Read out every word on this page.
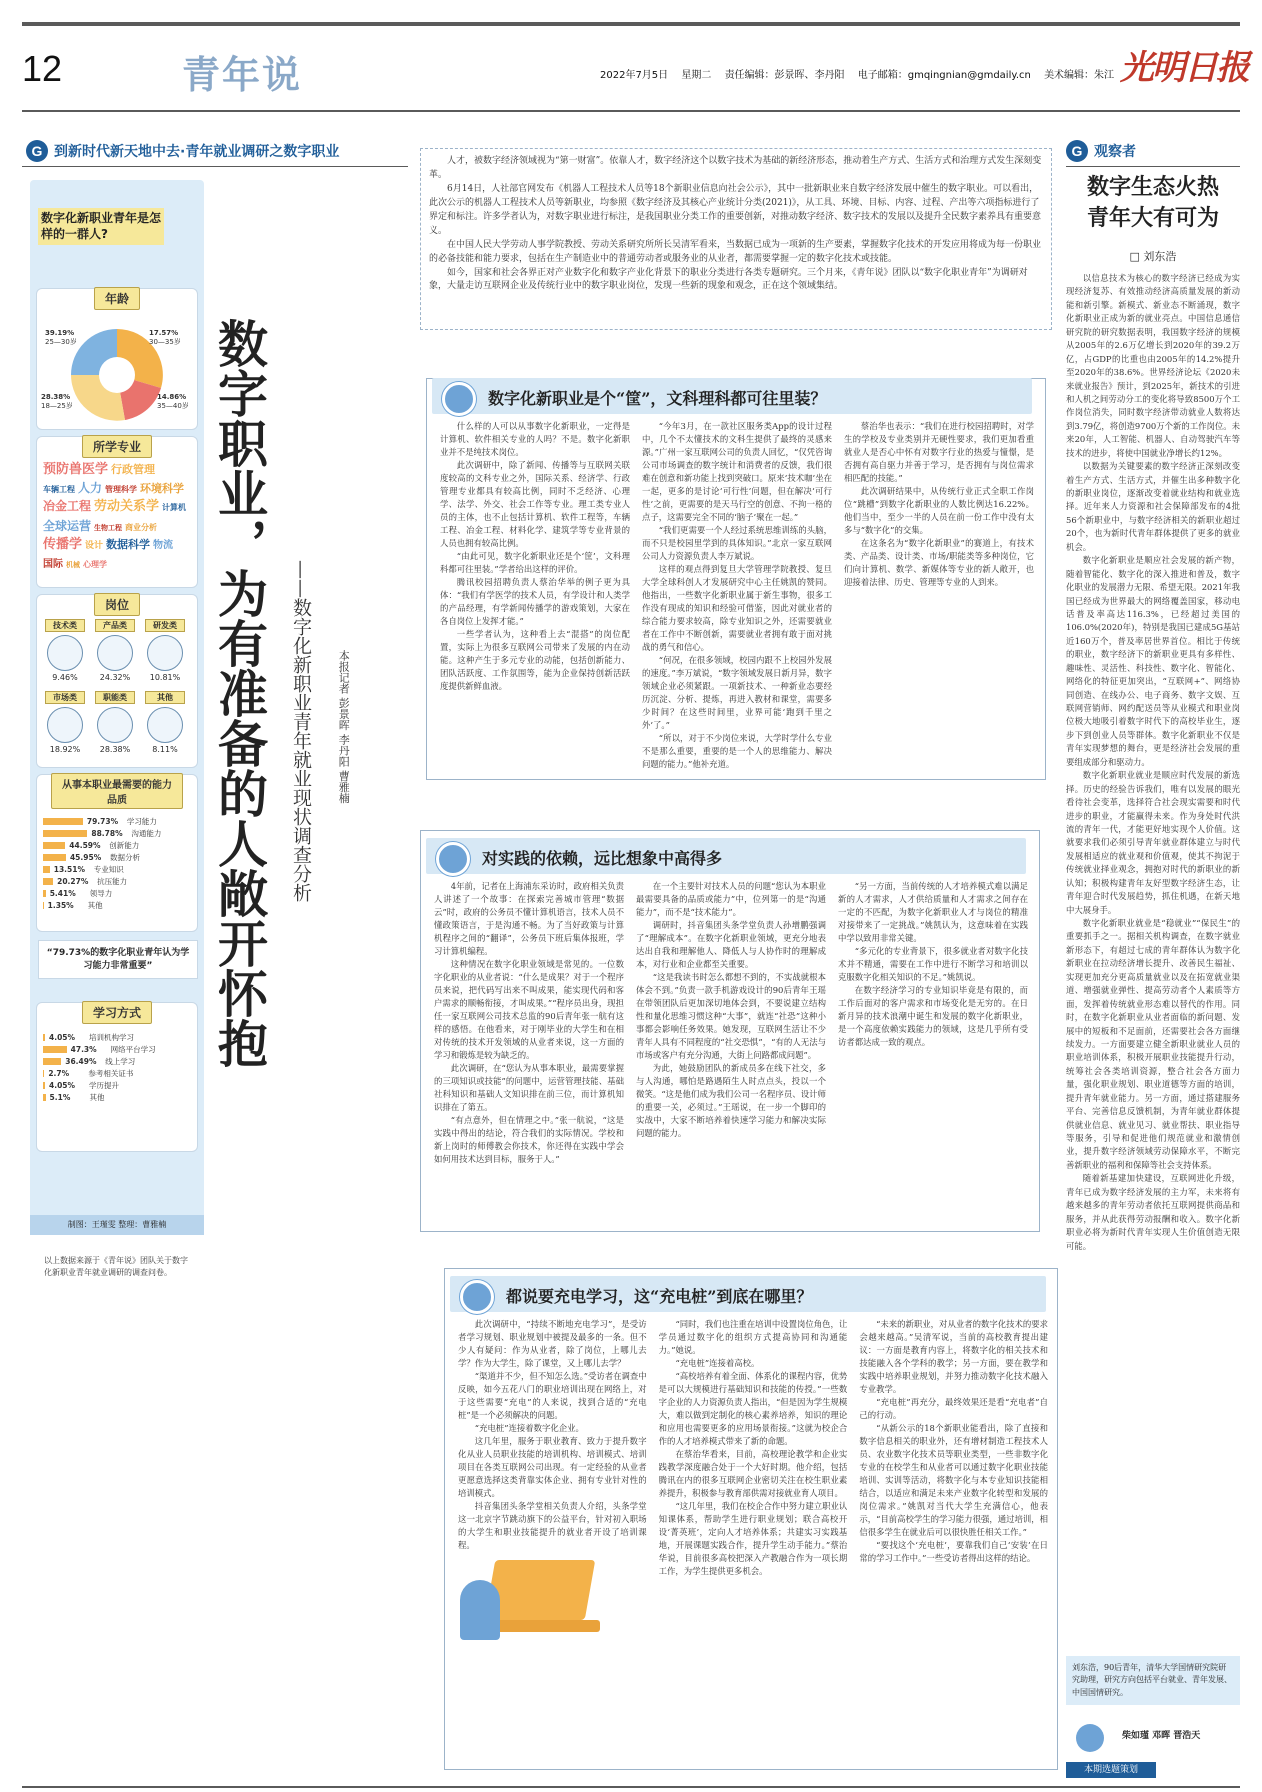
12	青年说	2022年7月5日 星期二 责任编辑：彭景晖、李丹阳 电子邮箱：gmqingnian@gmdaily.cn 美术编辑：朱江 光明日报
G 到新时代新天地中去·青年就业调研之数字职业
数字化新职业青年是怎样的一群人?
年龄
39.19%
25—30岁
17.57%
30—35岁
28.38%
18—25岁
14.86%
35—40岁
所学专业
预防兽医学 行政管理车辆工程 人力 管理科学 环境科学冶金工程 劳动关系学 计算机全球运营 生物工程 商业分析传播学 设计 数据科学 物流国际 机械 心理学
岗位
技术类
9.46%
产品类
24.32%
研发类
10.81%
市场类
18.92%
职能类
28.38%
其他
8.11%
从事本职业最需要的能力品质
79.73%	学习能力
88.78%	沟通能力
44.59%	创新能力
45.95%	数据分析
13.51%	专业知识
20.27%	抗压能力
5.41%	领导力
1.35%	其他
“79.73%的数字化职业青年认为学习能力非常重要”
学习方式
4.05%	培训机构学习
47.3%	网络平台学习
36.49%	线上学习
2.7%	参考相关证书
4.05%	学历提升
5.1%	其他
制图：王瑾雯 整理：曹雅楠
以上数据来源于《青年说》团队关于数字化新职业青年就业调研的调查问卷。
数字职业，为有准备的人敞开怀抱 ——数字化新职业青年就业现状调查分析 本报记者 彭景晖 李丹阳 曹雅楠

人才，被数字经济领域视为“第一财富”。依靠人才，数字经济这个以数字技术为基础的新经济形态，推动着生产方式、生活方式和治理方式发生深刻变革。

6月14日，人社部官网发布《机器人工程技术人员等18个新职业信息向社会公示》，其中一批新职业来自数字经济发展中催生的数字职业。可以看出，此次公示的机器人工程技术人员等新职业，均参照《数字经济及其核心产业统计分类(2021)》，从工具、环境、目标、内容、过程、产出等六项指标进行了界定和标注。许多学者认为，对数字职业进行标注，是我国职业分类工作的重要创新，对推动数字经济、数字技术的发展以及提升全民数字素养具有重要意义。

在中国人民大学劳动人事学院教授、劳动关系研究所所长吴清军看来，当数据已成为一项新的生产要素，掌握数字化技术的开发应用将成为每一份职业的必备技能和能力要求，包括在生产制造业中的普通劳动者或服务业的从业者，都需要掌握一定的数字化技术或技能。

如今，国家和社会各界正对产业数字化和数字产业化背景下的职业分类进行各类专题研究。三个月来，《青年说》团队以“数字化职业青年”为调研对象，大量走访互联网企业及传统行业中的数字职业岗位，发现一些新的现象和观念，正在这个领域集结。

数字化新职业是个“筐”，文科理科都可往里装？

什么样的人可以从事数字化新职业，一定得是计算机、软件相关专业的人吗？不是。数字化新职业并不是纯技术岗位。

此次调研中，除了新闻、传播等与互联网关联度较高的文科专业之外，国际关系、经济学、行政管理专业都具有较高比例，同时不乏经济、心理学、法学、外交、社会工作等专业。理工类专业人员的主体，也不止包括计算机、软件工程等，车辆工程、冶金工程、材料化学、建筑学等专业背景的人员也拥有较高比例。

“由此可见，数字化新职业还是个‘筐’，文科理科都可往里装。”学者给出这样的评价。

腾讯校园招聘负责人蔡治华举的例子更为具体：“我们有学医学的技术人员，有学设计和人类学的产品经理，有学新闻传播学的游戏策划，大家在各自岗位上发挥才能。”

一些学者认为，这种看上去“混搭”的岗位配置，实际上为很多互联网公司带来了发展的内在动能。这种产生于多元专业的动能，包括创新能力、团队活跃度、工作氛围等，能为企业保持创新活跃度提供新鲜血液。

“今年3月，在一款社区服务类App的设计过程中，几个不太懂技术的文科生提供了最终的灵感来源。”广州一家互联网公司的负责人回忆，“仅凭咨询公司市场调查的数字统计和消费者的反馈，我们很难在创意和新功能上找到突破口。原来‘技术咖’坐在一起，更多的是讨论‘可行性’问题，但在解决‘可行性’之前，更需要的是天马行空的创意、不拘一格的点子，这需要完全不同的‘脑子’聚在一起。”

“我们更需要一个人经过系统思维训练的头脑，而不只是校园里学到的具体知识。”北京一家互联网公司人力资源负责人李万斌说。

这样的观点得到复旦大学管理学院教授、复旦大学全球科创人才发展研究中心主任姚凯的赞同。他指出，一些数字化新职业属于新生事物，很多工作没有现成的知识和经验可借鉴，因此对就业者的综合能力要求较高，除专业知识之外，还需要就业者在工作中不断创新，需要就业者拥有敢于面对挑战的勇气和信心。

“何况，在很多领域，校园内跟不上校园外发展的速度。”李万斌说，“数字领域发展日新月异，数字领域企业必须紧跟。一项新技术、一种新业态要经历沉淀、分析、提炼，再进入教材和课堂，需要多少时间？在这些时间里，业界可能‘跑到千里之外’了。”

“所以，对于不少岗位来说，大学时学什么专业不是那么重要，重要的是一个人的思维能力、解决问题的能力。”他补充道。

蔡治华也表示：“我们在进行校园招聘时，对学生的学校及专业类别并无硬性要求，我们更加看重就业人是否心中怀有对数字行业的热爱与憧憬，是否拥有高自驱力并善于学习，是否拥有与岗位需求相匹配的技能。”

此次调研结果中，从传统行业正式全职工作岗位“跳槽”到数字化新职业的人数比例达16.22%。他们当中，至少一半的人员在前一份工作中没有太多与“数字化”的交集。

在这条名为“数字化新职业”的赛道上，有技术类、产品类、设计类、市场/职能类等多种岗位，它们向计算机、数学、新媒体等专业的新人敞开，也迎接着法律、历史、管理等专业的人到来。

对实践的依赖，远比想象中高得多

4年前，记者在上海浦东采访时，政府相关负责人讲述了一个故事：在探索完善城市管理“数据云”时，政府的公务员不懂计算机语言，技术人员不懂政策语言，于是沟通不畅。为了当好政策与计算机程序之间的“翻译”，公务员下班后集体报班，学习计算机编程。

这种情况在数字化职业领域是常见的。一位数字化职业的从业者说：“什么是成果？对于一个程序员来说，把代码写出来不叫成果，能实现代码和客户需求的顺畅衔接，才叫成果。”“程序员出身，现担任一家互联网公司技术总监的90后青年张一航有这样的感悟。在他看来，对于刚毕业的大学生和在相对传统的技术开发领域的从业者来说，这一方面的学习和锻炼是较为缺乏的。

此次调研，在“您认为从事本职业，最需要掌握的三项知识或技能”的问题中，运营管理技能、基础社科知识和基础人文知识排在前三位，而计算机知识排在了第五。

“有点意外，但在情理之中。”张一航说，“这是实践中得出的结论，符合我们的实际情况。学校和新上岗时的师傅教会你技术，你还得在实践中学会如何用技术达到目标，服务于人。”

在一个主要针对技术人员的问题“您认为本职业最需要具备的品质或能力”中，位列第一的是“沟通能力”，而不是“技术能力”。

调研时，抖音集团头条学堂负责人孙增鹏强调了“理解成本”。在数字化新职业领域，更充分地表达出自我和理解他人、降低人与人协作时的理解成本，对行业和企业都至关重要。

“这是我读书时怎么都想不到的，不实战就根本体会不到。”负责一款手机游戏设计的90后青年王瑶在带领团队后更加深切地体会到，不要说建立结构性和量化思维习惯这种“大事”，就连“社恐”这种小事都会影响任务效果。她发现，互联网生活让不少青年人具有不同程度的“社交恐惧”，“有的人无法与市场或客户有充分沟通，大街上问路都成问题”。

为此，她鼓励团队的新成员多在线下社交，多与人沟通，哪怕是路遇陌生人时点点头，投以一个微笑。“这是他们成为我们公司一名程序员、设计师的重要一关，必须过。”王瑶说，在一步一个脚印的实战中，大家不断培养着快速学习能力和解决实际问题的能力。

“另一方面，当前传统的人才培养模式难以满足新的人才需求，人才供给质量和人才需求之间存在一定的不匹配，为数字化新职业人才与岗位的精准对接带来了一定挑战。”姚凯认为，这意味着在实践中学以致用非常关键。

“多元化的专业背景下，很多就业者对数字化技术并不精通，需要在工作中进行不断学习和培训以克服数字化相关知识的不足。”姚凯说。

在数字经济学习的专业知识毕竟是有限的，而工作后面对的客户需求和市场变化是无穷的。在日新月异的技术浪潮中诞生和发展的数字化新职业，是一个高度依赖实践能力的领域，这是几乎所有受访者都达成一致的观点。

都说要充电学习，这“充电桩”到底在哪里？

此次调研中，“持续不断地充电学习”，是受访者学习规划、职业规划中被提及最多的一条。但不少人有疑问：作为从业者，除了岗位，上哪儿去学？作为大学生，除了课堂，又上哪儿去学？

“渠道并不少，但不知怎么选。”受访者在调查中反映，如今五花八门的职业培训出现在网络上，对于这些需要“充电”的人来说，找到合适的“充电桩”是一个必须解决的问题。

“充电桩”连接着数字化企业。

这几年里，服务于职业教育、致力于提升数字化从业人员职业技能的培训机构、培训模式、培训项目在各类互联网公司出现。有一定经验的从业者更愿意选择这类背靠实体企业、拥有专业针对性的培训模式。

抖音集团头条学堂相关负责人介绍，头条学堂这一北京字节跳动旗下的公益平台，针对初入职场的大学生和职业技能提升的就业者开设了培训课程。

“同时，我们也注重在培训中设置岗位角色，让学员通过数字化的组织方式提高协同和沟通能力。”她说。

“充电桩”连接着高校。

“高校培养有着全面、体系化的课程内容，优势是可以大规模进行基础知识和技能的传授。”一些数字企业的人力资源负责人指出，“但是因为学生规模大，难以做到定制化的核心素养培养，知识的理论和应用也需要更多的应用场景衔接。”这就为校企合作的人才培养模式带来了新的命题。

在蔡治华看来，目前，高校理论教学和企业实践教学深度融合处于一个大好时期。他介绍，包括腾讯在内的很多互联网企业密切关注在校生职业素养提升，积极参与教育部供需对接就业育人项目。

“这几年里，我们在校企合作中努力建立职业认知课体系，帮助学生进行职业规划；联合高校开设‘菁英班’，定向人才培养体系；共建实习实践基地，开展课题实践合作，提升学生动手能力。”蔡治华说，目前很多高校把深入产教融合作为一项长期工作，为学生提供更多机会。

“未来的新职业，对从业者的数字化技术的要求会越来越高。”吴清军说，当前的高校教育提出建议：一方面是教育内容上，将数字化的相关技术和技能融入各个学科的教学；另一方面，要在教学和实践中培养职业规划，并努力推动数字化技术融入专业教学。

“充电桩”再充分，最终效果还是看“充电者”自己的行动。

“从新公示的18个新职业能看出，除了直接和数字信息相关的职业外，还有增材制造工程技术人员、农业数字化技术员等职业类型，一些非数字化专业的在校学生和从业者可以通过数字化职业技能培训、实训等活动，将数字化与本专业知识技能相结合，以适应和满足未来产业数字化转型和发展的岗位需求。”姚凯对当代大学生充满信心，他表示，“目前高校学生的学习能力很强，通过培训，相信很多学生在就业后可以很快胜任相关工作。”

“要找这个‘充电桩’，要靠我们自己‘安装’在日常的学习工作中。”一些受访者得出这样的结论。

G 观察者
数字生态火热
青年大有可为
□ 刘东浩

以信息技术为核心的数字经济已经成为实现经济复苏、有效推动经济高质量发展的新动能和新引擎。新模式、新业态不断涌现，数字化新职业正成为新的就业亮点。中国信息通信研究院的研究数据表明，我国数字经济的规模从2005年的2.6万亿增长到2020年的39.2万亿，占GDP的比重也由2005年的14.2%提升至2020年的38.6%。世界经济论坛《2020未来就业报告》预计，到2025年，新技术的引进和人机之间劳动分工的变化将导致8500万个工作岗位消失，同时数字经济带动就业人数将达到3.79亿，将创造9700万个新的工作岗位。未来20年，人工智能、机器人、自动驾驶汽车等技术的进步，将使中国就业净增长约12%。

以数据为关键要素的数字经济正深刻改变着生产方式、生活方式，并催生出多种数字化的新职业岗位，逐渐改变着就业结构和就业选择。近年来人力资源和社会保障部发布的4批56个新职业中，与数字经济相关的新职业超过20个，也为新时代青年群体提供了更多的就业机会。

数字化新职业是顺应社会发展的新产物，随着智能化、数字化的深入推进和普及，数字化职业的发展潜力无限、希望无限。2021年我国已经成为世界最大的网络覆盖国家，移动电话普及率高达116.3%，已经超过美国的106.0%(2020年)，特别是我国已建成5G基站近160万个，普及率居世界首位。相比于传统的职业，数字经济下的新职业更具有多样性、趣味性、灵活性、科技性、数字化、智能化、网络化的特征更加突出，“互联网+”、网络协同创造、在线办公、电子商务、数字文娱、互联网营销师、网约配送员等从业模式和职业岗位极大地吸引着数字时代下的高校毕业生，逐步下到创业人员等群体。数字化新职业不仅是青年实现梦想的舞台，更是经济社会发展的重要组成部分和驱动力。

数字化新职业就业是顺应时代发展的新选择。历史的经验告诉我们，唯有以发展的眼光看待社会变革，选择符合社会现实需要和时代进步的职业，才能赢得未来。作为身处时代洪流的青年一代，才能更好地实现个人价值。这就要求我们必须引导青年就业群体建立与时代发展相适应的就业观和价值观，使其不拘泥于传统就业择业观念，拥抱对时代的新职业的新认知；积极构建青年友好型数字经济生态，让青年迎合时代发展趋势，抓住机遇，在新天地中大展身手。

数字化新职业就业是“稳就业”“保民生”的重要抓手之一。据相关机构调查，在数字就业新形态下，有超过七成的青年群体认为数字化新职业在拉动经济增长提升、改善民生福祉、实现更加充分更高质量就业以及在拓宽就业渠道、增强就业弹性、提高劳动者个人素质等方面，发挥着传统就业形态难以替代的作用。同时，在数字化新职业从业者面临的新问题、发展中的短板和不足面前，还需要社会各方面继续发力。一方面要建立健全新职业就业人员的职业培训体系，积极开展职业技能提升行动，统筹社会各类培训资源，整合社会各方面力量，强化职业规划、职业道德等方面的培训，提升青年就业能力。另一方面，通过搭建服务平台、完善信息反馈机制，为青年就业群体提供就业信息、就业见习、就业帮扶、职业指导等服务，引导和促进他们规范就业和激情创业，提升数字经济领域劳动保障水平，不断完善新职业的福利和保障等社会支持体系。

随着新基建加快建设，互联网进化升级，青年已成为数字经济发展的主力军，未来将有越来越多的青年劳动者依托互联网提供商品和服务，并从此获得劳动报酬和收入。数字化新职业必将为新时代青年实现人生价值创造无限可能。

刘东浩，90后青年，清华大学国情研究院研究助理，研究方向包括平台就业、青年发展、中国国情研究。
柴如瑾 邓晖 晋浩天
本期选题策划
